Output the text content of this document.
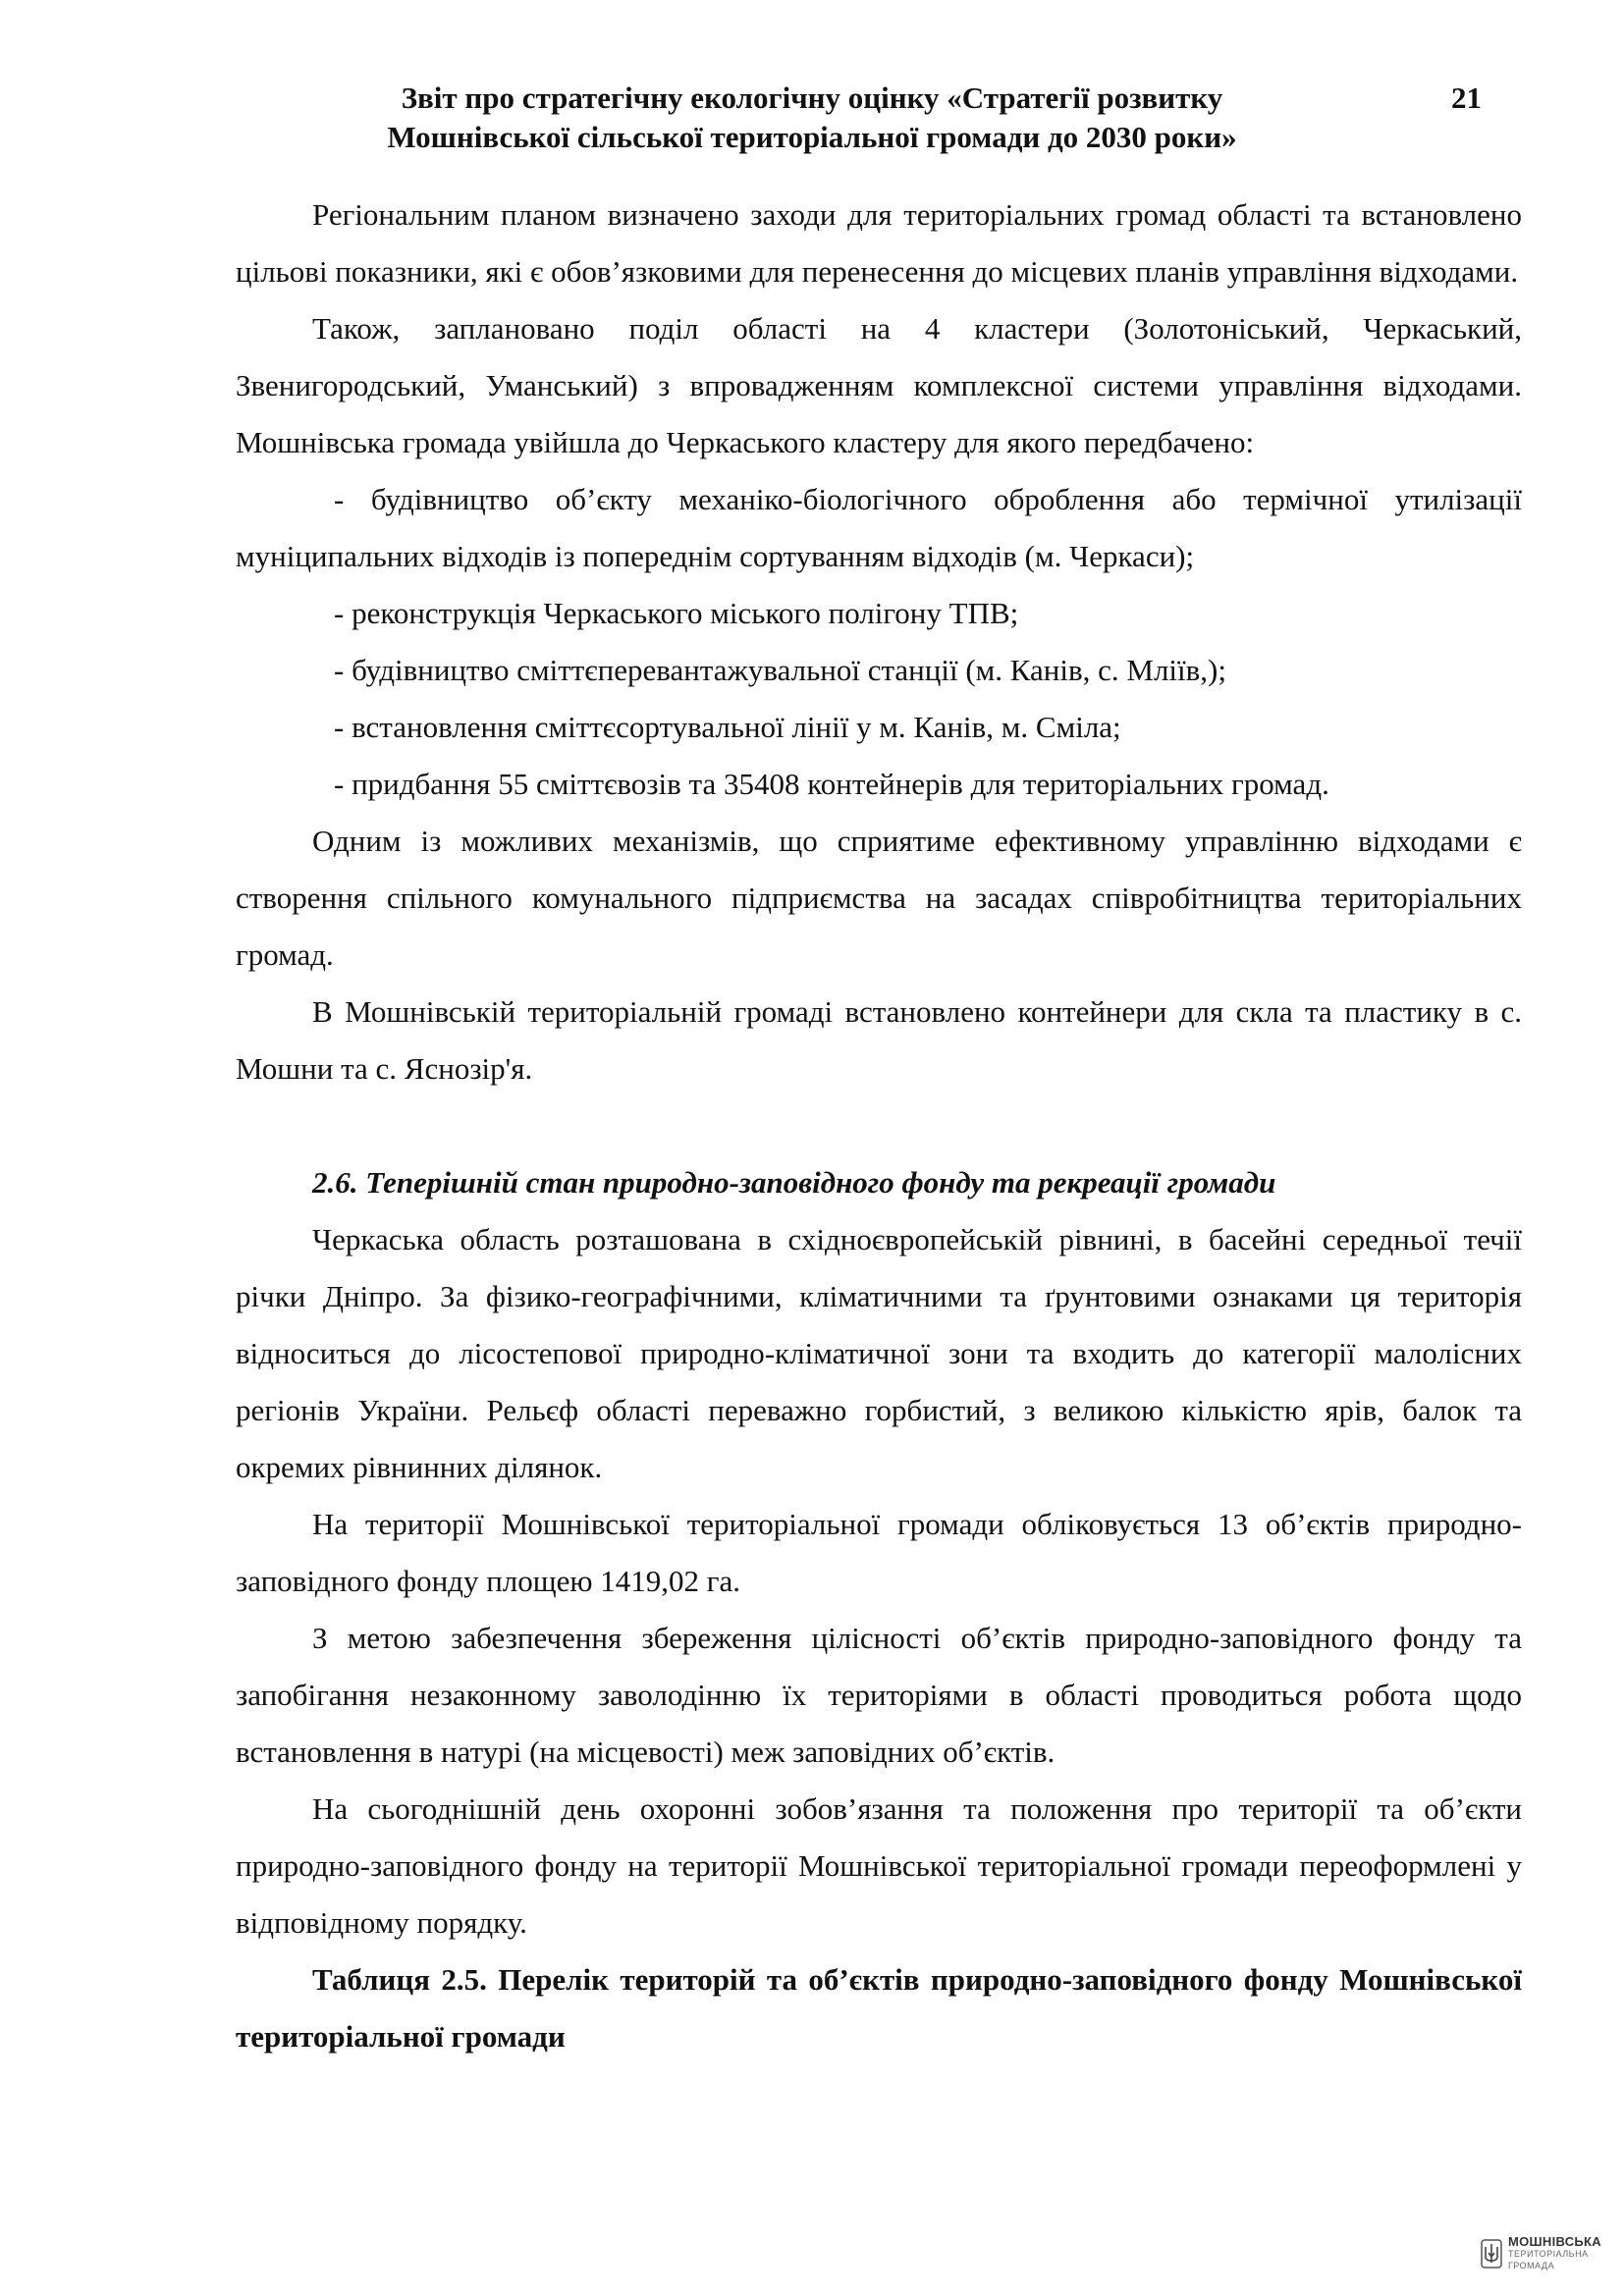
Звіт про стратегічну екологічну оцінку «Стратегії розвитку
Мошнівської сільської територіальної громади до 2030 роки»
21

Регіональним планом визначено заходи для територіальних громад області та встановлено цільові показники, які є обов’язковими для перенесення до місцевих планів управління відходами.

Також, заплановано поділ області на 4 кластери (Золотоніський, Черкаський, Звенигородський, Уманський) з впровадженням комплексної системи управління відходами. Мошнівська громада увійшла до Черкаського кластеру для якого передбачено:

- будівництво об’єкту механіко-біологічного оброблення або термічної утилізації муніципальних відходів із попереднім сортуванням відходів (м. Черкаси);

- реконструкція Черкаського міського полігону ТПВ;

- будівництво сміттєперевантажувальної станції (м. Канів, с. Мліїв,);

- встановлення сміттєсортувальної лінії у м. Канів, м. Сміла;

- придбання 55 сміттєвозів та 35408 контейнерів для територіальних громад.

Одним із можливих механізмів, що сприятиме ефективному управлінню відходами є створення спільного комунального підприємства на засадах співробітництва територіальних громад.

В Мошнівській територіальній громаді встановлено контейнери для скла та пластику в с. Мошни та с. Яснозір'я.

2.6. Теперішній стан природно-заповідного фонду та рекреації громади

Черкаська область розташована в східноєвропейській рівнині, в басейні середньої течії річки Дніпро. За фізико-географічними, кліматичними та ґрунтовими ознаками ця територія відноситься до лісостепової природно-кліматичної зони та входить до категорії малолісних регіонів України. Рельєф області переважно горбистий, з великою кількістю ярів, балок та окремих рівнинних ділянок.

На території Мошнівської територіальної громади обліковується 13 об’єктів природно-заповідного фонду площею 1419,02 га.

З метою забезпечення збереження цілісності об’єктів природно-заповідного фонду та запобігання незаконному заволодінню їх територіями в області проводиться робота щодо встановлення в натурі (на місцевості) меж заповідних об’єктів.

На сьогоднішній день охоронні зобов’язання та положення про території та об’єкти природно-заповідного фонду на території Мошнівської територіальної громади переоформлені у відповідному порядку.

Таблиця 2.5. Перелік територій та об’єктів природно-заповідного фонду Мошнівської територіальної громади

МОШНІВСЬКА
ТЕРИТОРІАЛЬНА
ГРОМАДА
